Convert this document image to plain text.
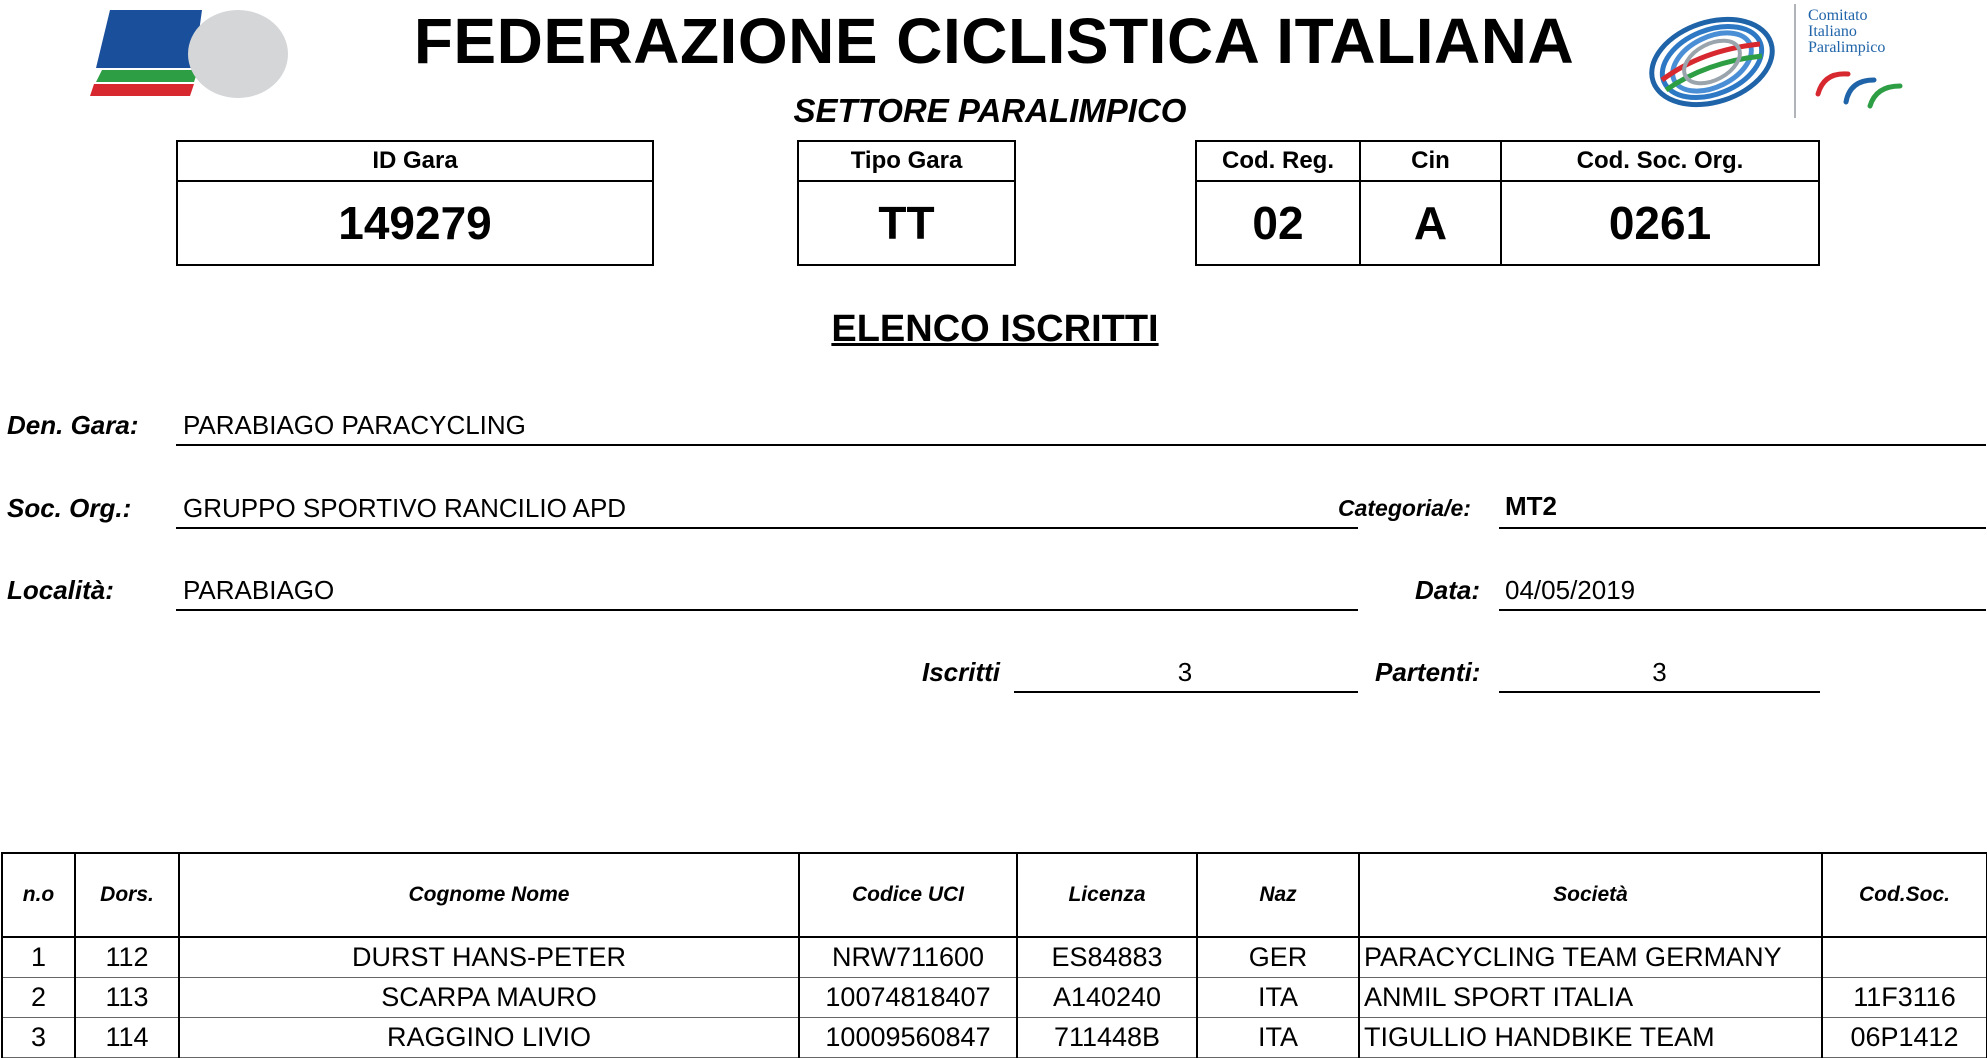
FEDERAZIONE CICLISTICA ITALIANA
SETTORE PARALIMPICO
Comitato
Italiano
Paralimpico
ID Gara
149279
Tipo Gara
TT
Cod. Reg.	Cin	Cod. Soc. Org.
02	A	0261
ELENCO ISCRITTI
Den. Gara: PARABIAGO PARACYCLING
Soc. Org.: GRUPPO SPORTIVO RANCILIO APD	Categoria/e: MT2
Località:	PARABIAGO	Data: 04/05/2019
Iscritti	3	Partenti:	3
n.o	Dors.	Cognome Nome	Codice UCI	Licenza	Naz	Società	Cod.Soc.
1	112	DURST HANS-PETER	NRW711600	ES84883	GER	PARACYCLING TEAM GERMANY	
2	113	SCARPA MAURO	10074818407	A140240	ITA	ANMIL SPORT ITALIA	11F3116
3	114	RAGGINO LIVIO	10009560847	711448B	ITA	TIGULLIO HANDBIKE TEAM	06P1412
